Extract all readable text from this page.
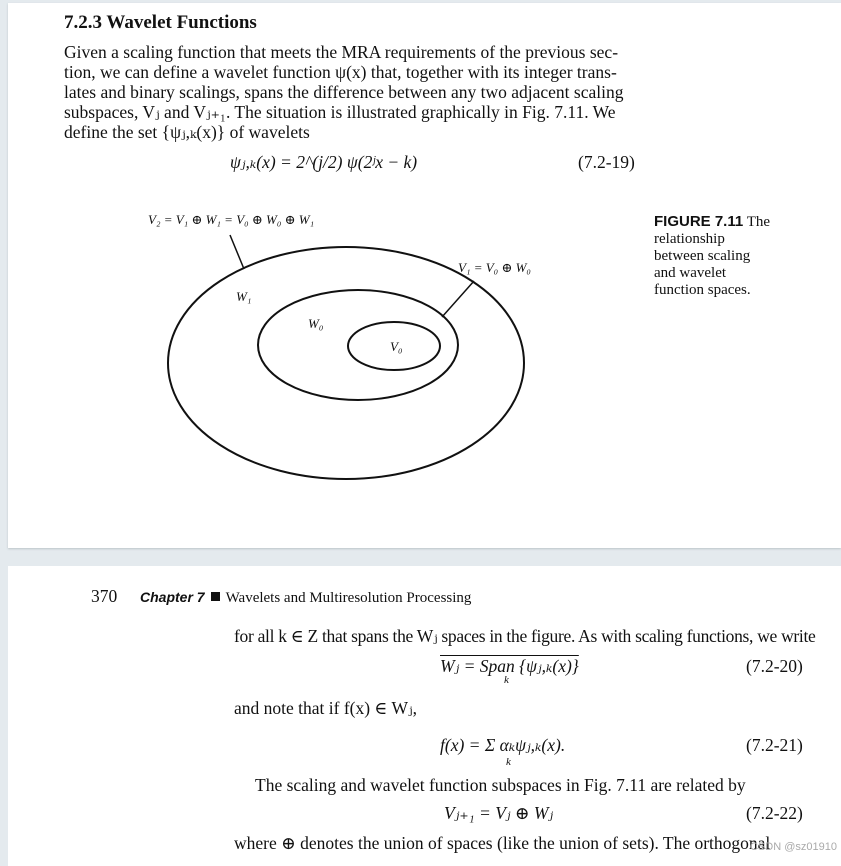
7.2.3 Wavelet Functions
Given a scaling function that meets the MRA requirements of the previous sec-
tion, we can define a wavelet function ψ(x) that, together with its integer trans-
lates and binary scalings, spans the difference between any two adjacent scaling
subspaces, Vⱼ and Vⱼ₊₁. The situation is illustrated graphically in Fig. 7.11. We
define the set {ψⱼ,ₖ(x)} of wavelets
ψⱼ,ₖ(x) = 2^(j/2) ψ(2ʲx − k)	(7.2-19)
V₂ = V₁ ⊕ W₁ = V₀ ⊕ W₀ ⊕ W₁
V₁ = V₀ ⊕ W₀
W₁
W₀
V₀
FIGURE 7.11 The
relationship
between scaling
and wavelet
function spaces.
370 Chapter 7 Wavelets and Multiresolution Processing
for all k ∈ Z that spans the Wⱼ spaces in the figure. As with scaling functions, we write
Wⱼ = Span {ψⱼ,ₖ(x)}
k
(7.2-20)
and note that if f(x) ∈ Wⱼ,
f(x) = Σ αₖψⱼ,ₖ(x).
k
(7.2-21)
The scaling and wavelet function subspaces in Fig. 7.11 are related by
Vⱼ₊₁ = Vⱼ ⊕ Wⱼ	(7.2-22)
where ⊕ denotes the union of spaces (like the union of sets). The orthogonal
CSDN @sz01910
